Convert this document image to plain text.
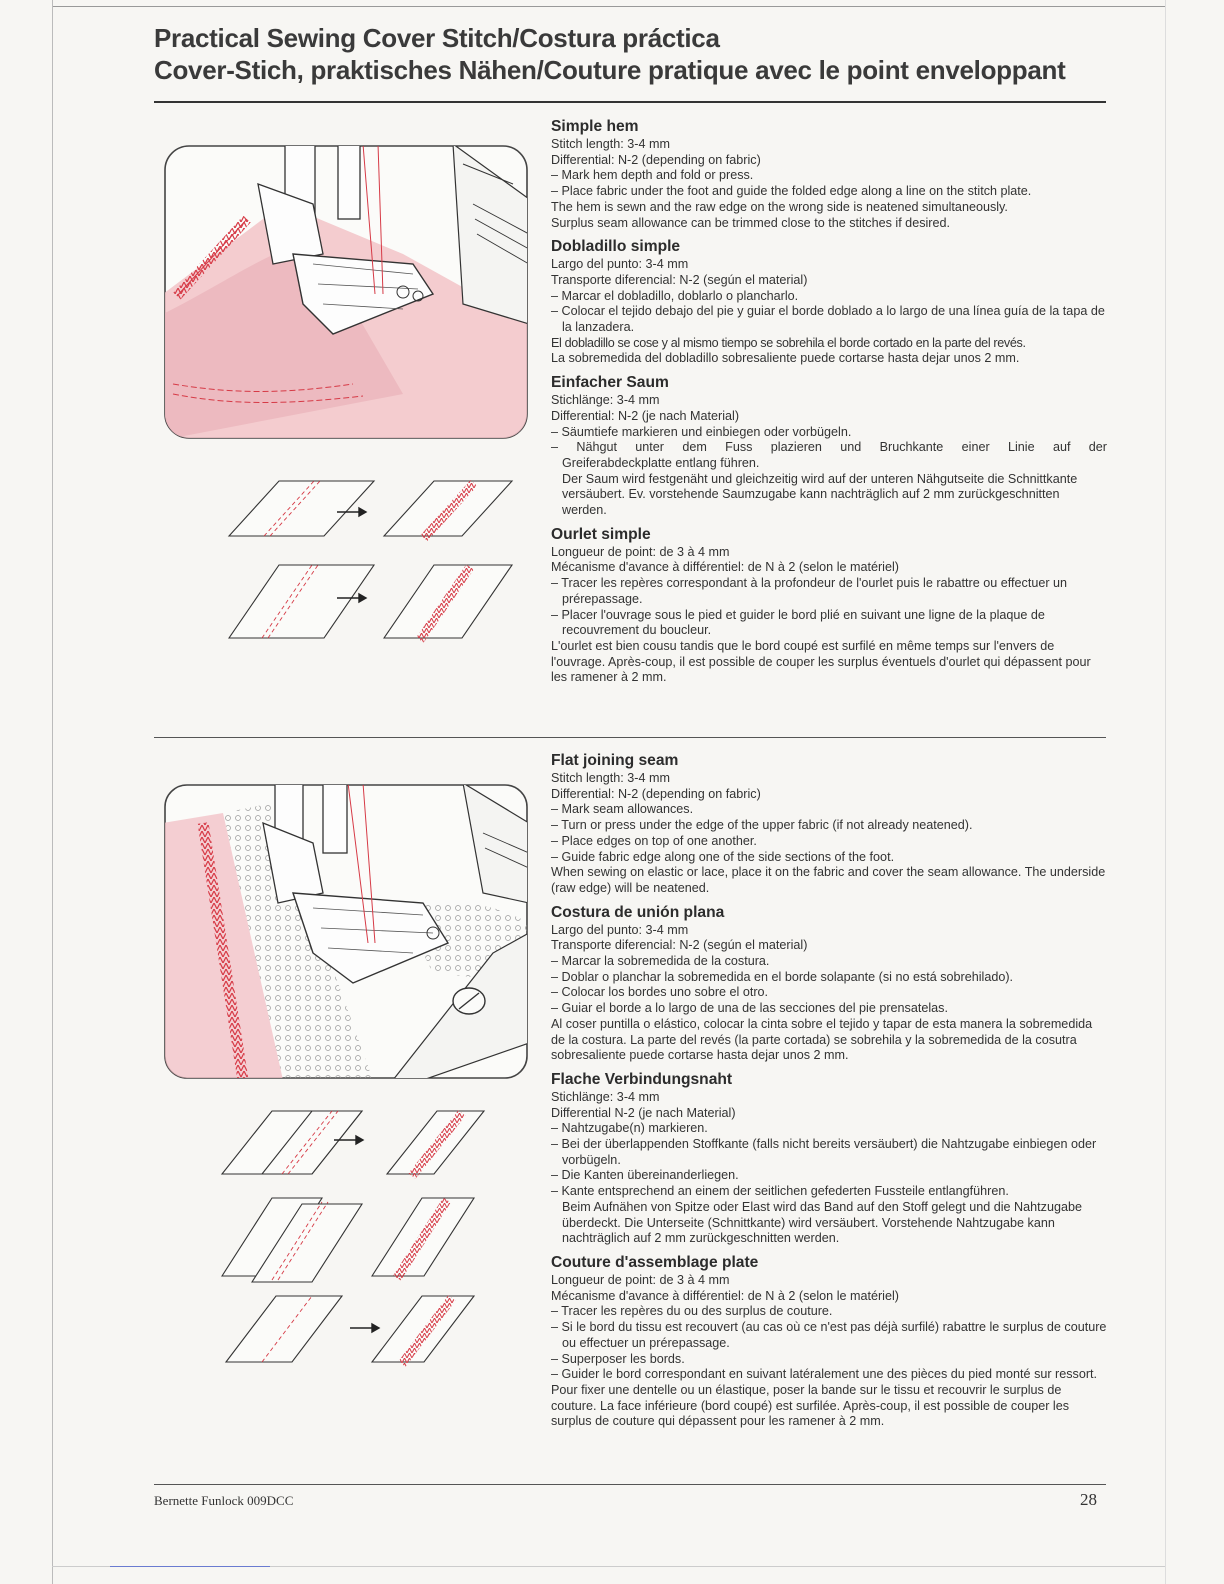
Practical Sewing Cover Stitch/Costura práctica
Cover-Stich, praktisches Nähen/Couture pratique avec le point enveloppant
Simple hem

Stitch length: 3-4 mm

Differential: N-2 (depending on fabric)

– Mark hem depth and fold or press.

– Place fabric under the foot and guide the folded edge along a line on the stitch plate.

The hem is sewn and the raw edge on the wrong side is neatened simultaneously.

Surplus seam allowance can be trimmed close to the stitches if desired.

Dobladillo simple

Largo del punto: 3-4 mm

Transporte diferencial: N-2 (según el material)

– Marcar el dobladillo, doblarlo o plancharlo.

– Colocar el tejido debajo del pie y guiar el borde doblado a lo largo de una línea guía de la tapa de la lanzadera.

El dobladillo se cose y al mismo tiempo se sobrehila el borde cortado en la parte del revés.

La sobremedida del dobladillo sobresaliente puede cortarse hasta dejar unos 2 mm.

Einfacher Saum

Stichlänge: 3-4 mm

Differential: N-2 (je nach Material)

– Säumtiefe markieren und einbiegen oder vorbügeln.

– Nähgut unter dem Fuss plazieren und Bruchkante einer Linie auf der

Greiferabdeckplatte entlang führen.

Der Saum wird festgenäht und gleichzeitig wird auf der unteren Nähgutseite die Schnittkante versäubert. Ev. vorstehende Saumzugabe kann nachträglich auf 2 mm zurückgeschnitten werden.

Ourlet simple

Longueur de point: de 3 à 4 mm

Mécanisme d'avance à différentiel: de N à 2 (selon le matériel)

– Tracer les repères correspondant à la profondeur de l'ourlet puis le rabattre ou effectuer un prérepassage.

– Placer l'ouvrage sous le pied et guider le bord plié en suivant une ligne de la plaque de recouvrement du boucleur.

L'ourlet est bien cousu tandis que le bord coupé est surfilé en même temps sur l'envers de l'ouvrage. Après-coup, il est possible de couper les surplus éventuels d'ourlet qui dépassent pour les ramener à 2 mm.

Flat joining seam

Stitch length: 3-4 mm

Differential: N-2 (depending on fabric)

– Mark seam allowances.

– Turn or press under the edge of the upper fabric (if not already neatened).

– Place edges on top of one another.

– Guide fabric edge along one of the side sections of the foot.

When sewing on elastic or lace, place it on the fabric and cover the seam allowance. The underside (raw edge) will be neatened.

Costura de unión plana

Largo del punto: 3-4 mm

Transporte diferencial: N-2 (según el material)

– Marcar la sobremedida de la costura.

– Doblar o planchar la sobremedida en el borde solapante (si no está sobrehilado).

– Colocar los bordes uno sobre el otro.

– Guiar el borde a lo largo de una de las secciones del pie prensatelas.

Al coser puntilla o elástico, colocar la cinta sobre el tejido y tapar de esta manera la sobremedida de la costura. La parte del revés (la parte cortada) se sobrehila y la sobremedida de la cosutra sobresaliente puede cortarse hasta dejar unos 2 mm.

Flache Verbindungsnaht

Stichlänge: 3-4 mm

Differential N-2 (je nach Material)

– Nahtzugabe(n) markieren.

– Bei der überlappenden Stoffkante (falls nicht bereits versäubert) die Nahtzugabe einbiegen oder vorbügeln.

– Die Kanten übereinanderliegen.

– Kante entsprechend an einem der seitlichen gefederten Fussteile entlangführen.

Beim Aufnähen von Spitze oder Elast wird das Band auf den Stoff gelegt und die Nahtzugabe überdeckt. Die Unterseite (Schnittkante) wird versäubert. Vorstehende Nahtzugabe kann nachträglich auf 2 mm zurückgeschnitten werden.

Couture d'assemblage plate

Longueur de point: de 3 à 4 mm

Mécanisme d'avance à différentiel: de N à 2 (selon le matériel)

– Tracer les repères du ou des surplus de couture.

– Si le bord du tissu est recouvert (au cas où ce n'est pas déjà surfilé) rabattre le surplus de couture ou effectuer un prérepassage.

– Superposer les bords.

– Guider le bord correspondant en suivant latéralement une des pièces du pied monté sur ressort.

Pour fixer une dentelle ou un élastique, poser la bande sur le tissu et recouvrir le surplus de couture. La face inférieure (bord coupé) est surfilée. Après-coup, il est possible de couper les surplus de couture qui dépassent pour les ramener à 2 mm.

Bernette Funlock 009DCC	28
